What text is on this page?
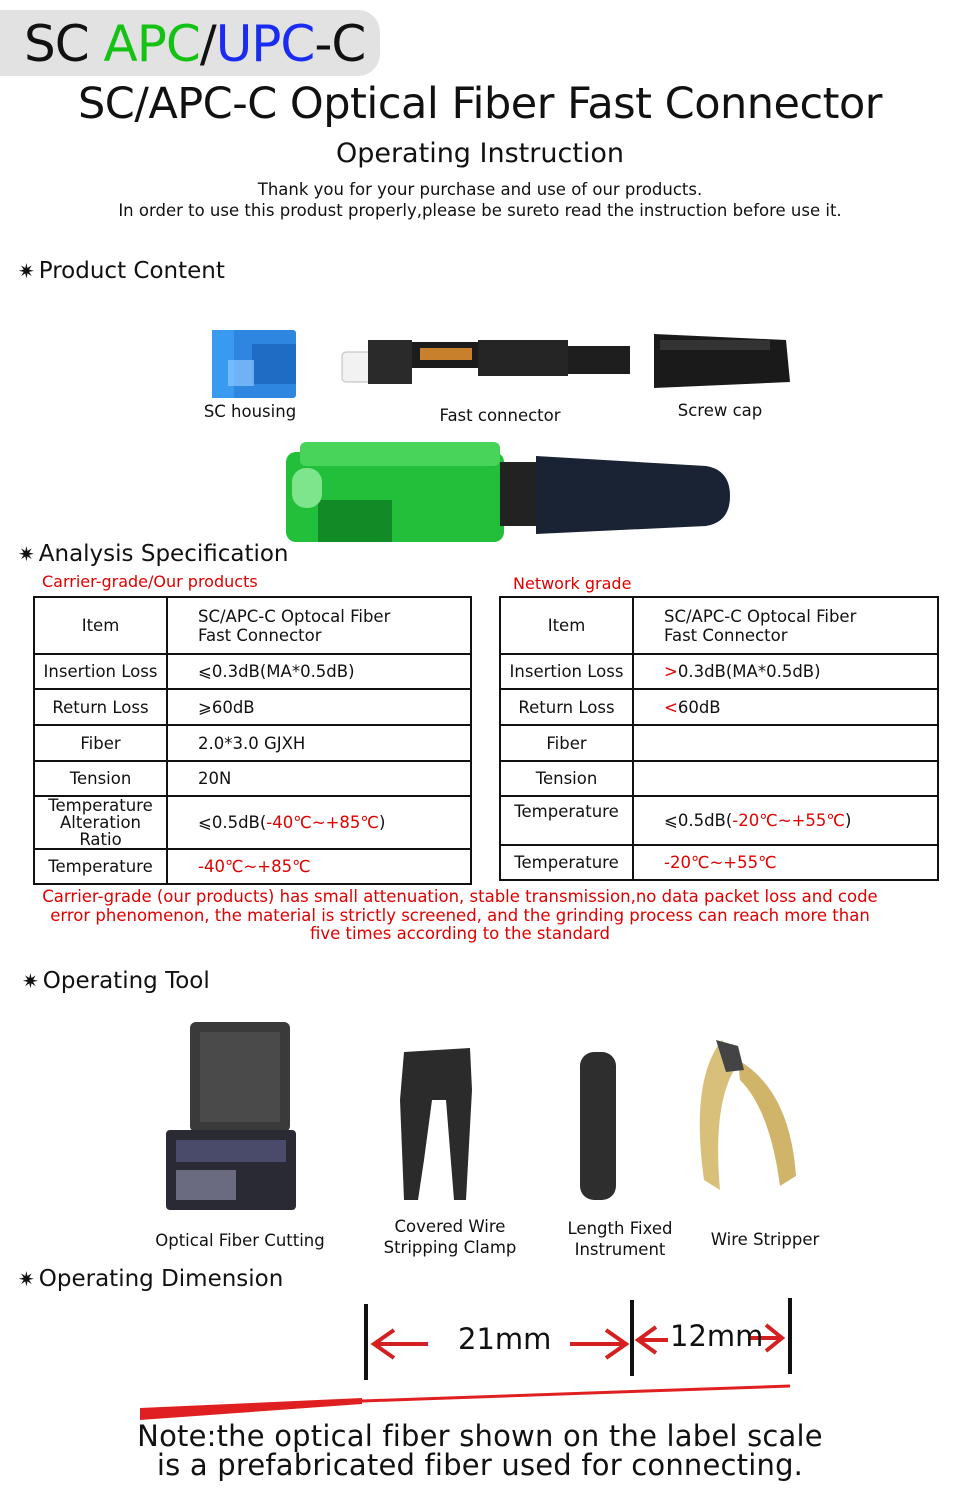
SC APC/UPC-C
SC/APC-C Optical Fiber Fast Connector
Operating Instruction
Thank you for your purchase and use of our products.
In order to use this produst properly,please be sureto read the instruction before use it.
✷ Product Content
SC housing	Fast connector	Screw cap
✷ Analysis Specification
Carrier-grade/Our products	Network grade
Item	SC/APC-C Optocal Fiber
Fast Connector

Insertion Loss	⩽0.3dB(MA*0.5dB)
Return Loss	⩾60dB
Fiber	2.0*3.0 GJXH
Tension	20N

Temperature
Alteration Ratio	⩽0.5dB(-40℃~+85℃)
Temperature	-40℃~+85℃
Item	SC/APC-C Optocal Fiber
Fast Connector

Insertion Loss	>0.3dB(MA*0.5dB)
Return Loss	<60dB
Fiber	
Tension	
Temperature	⩽0.5dB(-20℃~+55℃)
Temperature	-20℃~+55℃
Carrier-grade (our products) has small attenuation, stable transmission,no data packet loss and code
error phenomenon, the material is strictly screened, and the grinding process can reach more than
five times according to the standard
✷ Operating Tool
Optical Fiber Cutting
Covered Wire
Stripping Clamp
Length Fixed
Instrument
Wire Stripper
✷ Operating Dimension
21mm	12mm
Note:the optical fiber shown on the label scale
is a prefabricated fiber used for connecting.
